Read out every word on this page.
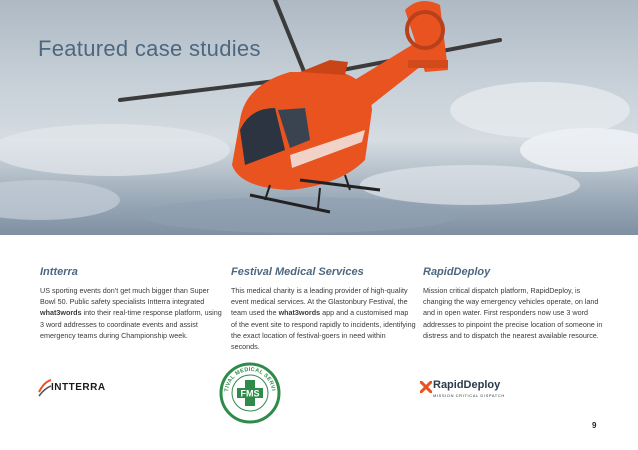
Featured case studies
Intterra

US sporting events don’t get much bigger than Super Bowl 50. Public safety specialists Intterra integrated what3words into their real-time response platform, using 3 word addresses to coordinate events and assist emergency teams during Championship week.

Festival Medical Services

This medical charity is a leading provider of high-quality event medical services. At the Glastonbury Festival, the team used the what3words app and a customised map of the event site to respond rapidly to incidents, identifying the exact location of festival-goers in need within seconds.

RapidDeploy

Mission critical dispatch platform, RapidDeploy, is changing the way emergency vehicles operate, on land and in open water. First responders now use 3 word addresses to pinpoint the precise location of someone in distress and to dispatch the nearest available resource.

INTTERRA
FMS
TIVAL MEDICAL SERVI	RapidDeploy
MISSION CRITICAL DISPATCH
9
